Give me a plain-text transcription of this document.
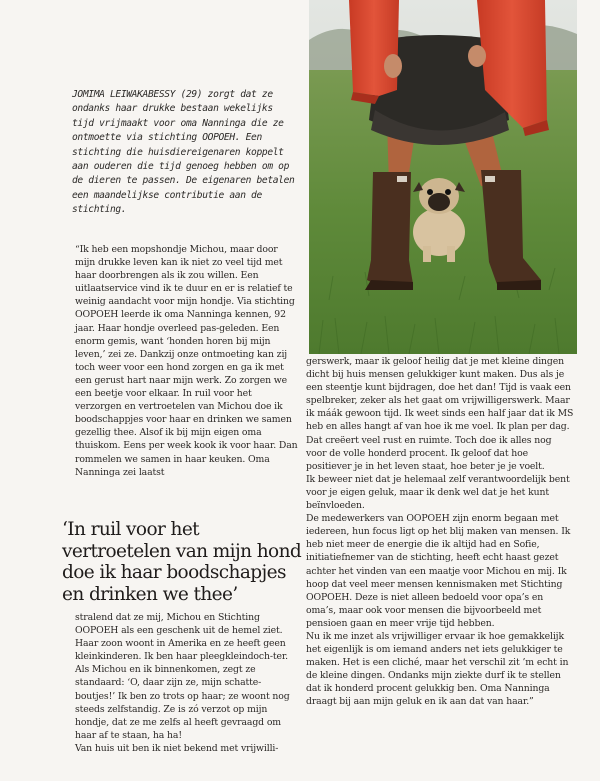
JOMIMA LEIWAKABESSY (29) zorgt dat ze ondanks haar drukke bestaan wekelijks tijd vrijmaakt voor oma Nanninga die ze ontmoette via stichting OOPOEH. Een stichting die huisdiereigenaren koppelt aan ouderen die tijd genoeg hebben om op de dieren te passen. De eigenaren betalen een maandelijkse contributie aan de stichting.

“Ik heb een mopshondje Michou, maar door mijn drukke leven kan ik niet zo veel tijd met haar doorbrengen als ik zou willen. Een uitlaatservice vind ik te duur en er is relatief te weinig aandacht voor mijn hondje. Via stichting OOPOEH leerde ik oma Nanninga kennen, 92 jaar. Haar hondje overleed pas-geleden. Een enorm gemis, want ‘honden horen bij mijn leven,’ zei ze. Dankzij onze ontmoeting kan zij toch weer voor een hond zorgen en ga ik met een gerust hart naar mijn werk. Zo zorgen we een beetje voor elkaar. In ruil voor het verzorgen en vertroetelen van Michou doe ik boodschappjes voor haar en drinken we samen gezellig thee. Alsof ik bij mijn eigen oma thuiskom. Eens per week kook ik voor haar. Dan rommelen we samen in haar keuken. Oma Nanninga zei laatst

‘In ruil voor het vertroetelen van mijn hond doe ik haar boodschapjes en drinken we thee’

stralend dat ze mij, Michou en Stichting OOPOEH als een geschenk uit de hemel ziet. Haar zoon woont in Amerika en ze heeft geen kleinkinderen. Ik ben haar pleegkleindoch-ter. Als Michou en ik binnenkomen, zegt ze standaard: ‘O, daar zijn ze, mijn schatte-boutjes!’ Ik ben zo trots op haar; ze woont nog steeds zelfstandig. Ze is zó verzot op mijn hondje, dat ze me zelfs al heeft gevraagd om haar af te staan, ha ha!

Van huis uit ben ik niet bekend met vrijwilli-

gerswerk, maar ik geloof heilig dat je met kleine dingen dicht bij huis mensen gelukkiger kunt maken. Dus als je een steentje kunt bijdragen, doe het dan! Tijd is vaak een spelbreker, zeker als het gaat om vrijwilligerswerk. Maar ik máák gewoon tijd. Ik weet sinds een half jaar dat ik MS heb en alles hangt af van hoe ik me voel. Ik plan per dag. Dat creëert veel rust en ruimte. Toch doe ik alles nog voor de volle honderd procent. Ik geloof dat hoe positiever je in het leven staat, hoe beter je je voelt.

Ik beweer niet dat je helemaal zelf verantwoordelijk bent voor je eigen geluk, maar ik denk wel dat je het kunt beïnvloeden.

De medewerkers van OOPOEH zijn enorm begaan met iedereen, hun focus ligt op het blij maken van mensen. Ik heb niet meer de energie die ik altijd had en Sofie, initiatiefnemer van de stichting, heeft echt haast gezet achter het vinden van een maatje voor Michou en mij. Ik hoop dat veel meer mensen kennismaken met Stichting OOPOEH. Deze is niet alleen bedoeld voor opa’s en oma’s, maar ook voor mensen die bijvoorbeeld met pensioen gaan en meer vrije tijd hebben.

Nu ik me inzet als vrijwilliger ervaar ik hoe gemakkelijk het eigenlijk is om iemand anders net iets gelukkiger te maken. Het is een cliché, maar het verschil zit ’m echt in de kleine dingen. Ondanks mijn ziekte durf ik te stellen dat ik honderd procent gelukkig ben. Oma Nanninga draagt bij aan mijn geluk en ik aan dat van haar.”
